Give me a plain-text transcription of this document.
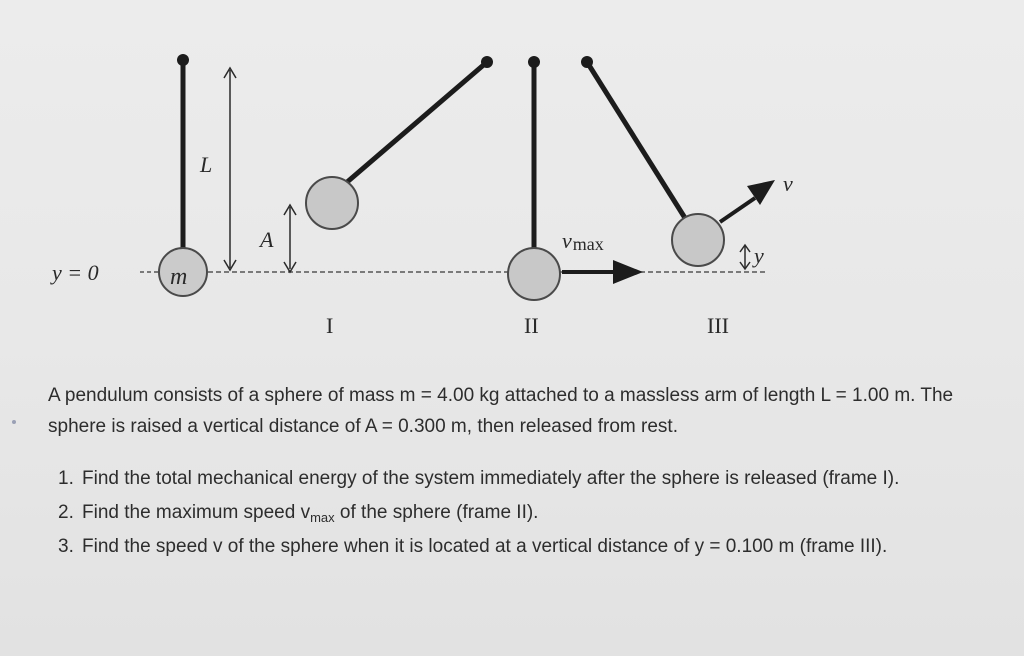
y = 0	m
L
A	vmax
v
y
I	II	III
A pendulum consists of a sphere of mass m = 4.00 kg attached to a massless arm of length L = 1.00 m. The sphere is raised a vertical distance of A = 0.300 m, then released from rest.
1. Find the total mechanical energy of the system immediately after the sphere is released (frame I).
2. Find the maximum speed $v_{max}$ of the sphere (frame II).
3. Find the speed v of the sphere when it is located at a vertical distance of y = 0.100 m (frame III).
